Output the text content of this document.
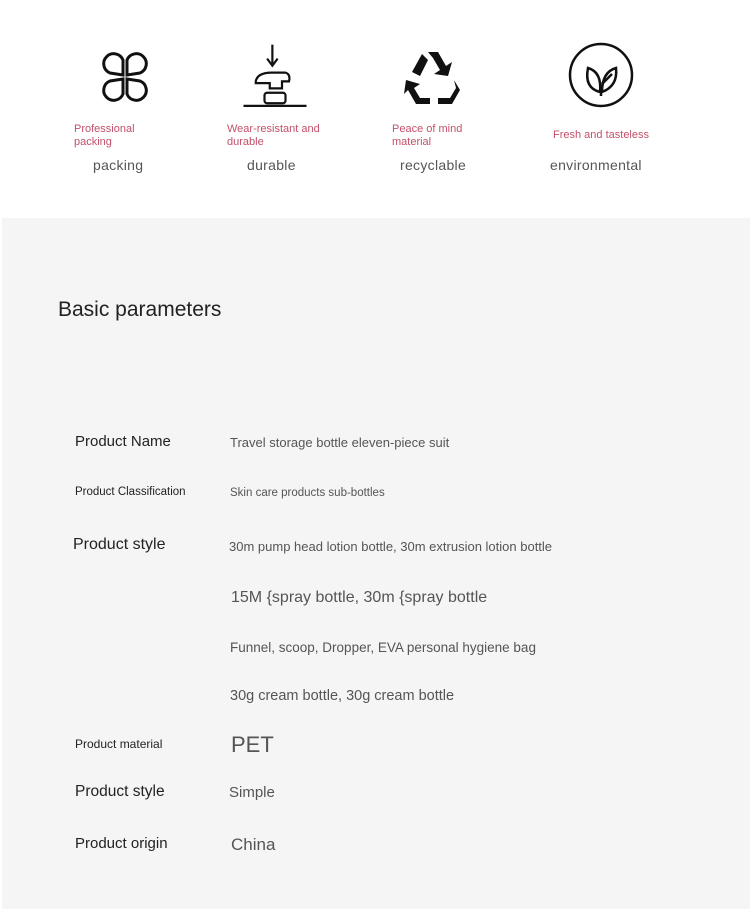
Professional packing
packing
Wear-resistant and durable
durable
Peace of mind material
recyclable
Fresh and tasteless
environmental
Basic parameters
Product Name	Travel storage bottle eleven-piece suit
Product Classification	Skin care products sub-bottles
Product style	30m pump head lotion bottle, 30m extrusion lotion bottle
15M {spray bottle, 30m {spray bottle
Funnel, scoop, Dropper, EVA personal hygiene bag
30g cream bottle, 30g cream bottle
Product material	PET
Product style	Simple
Product origin	China
